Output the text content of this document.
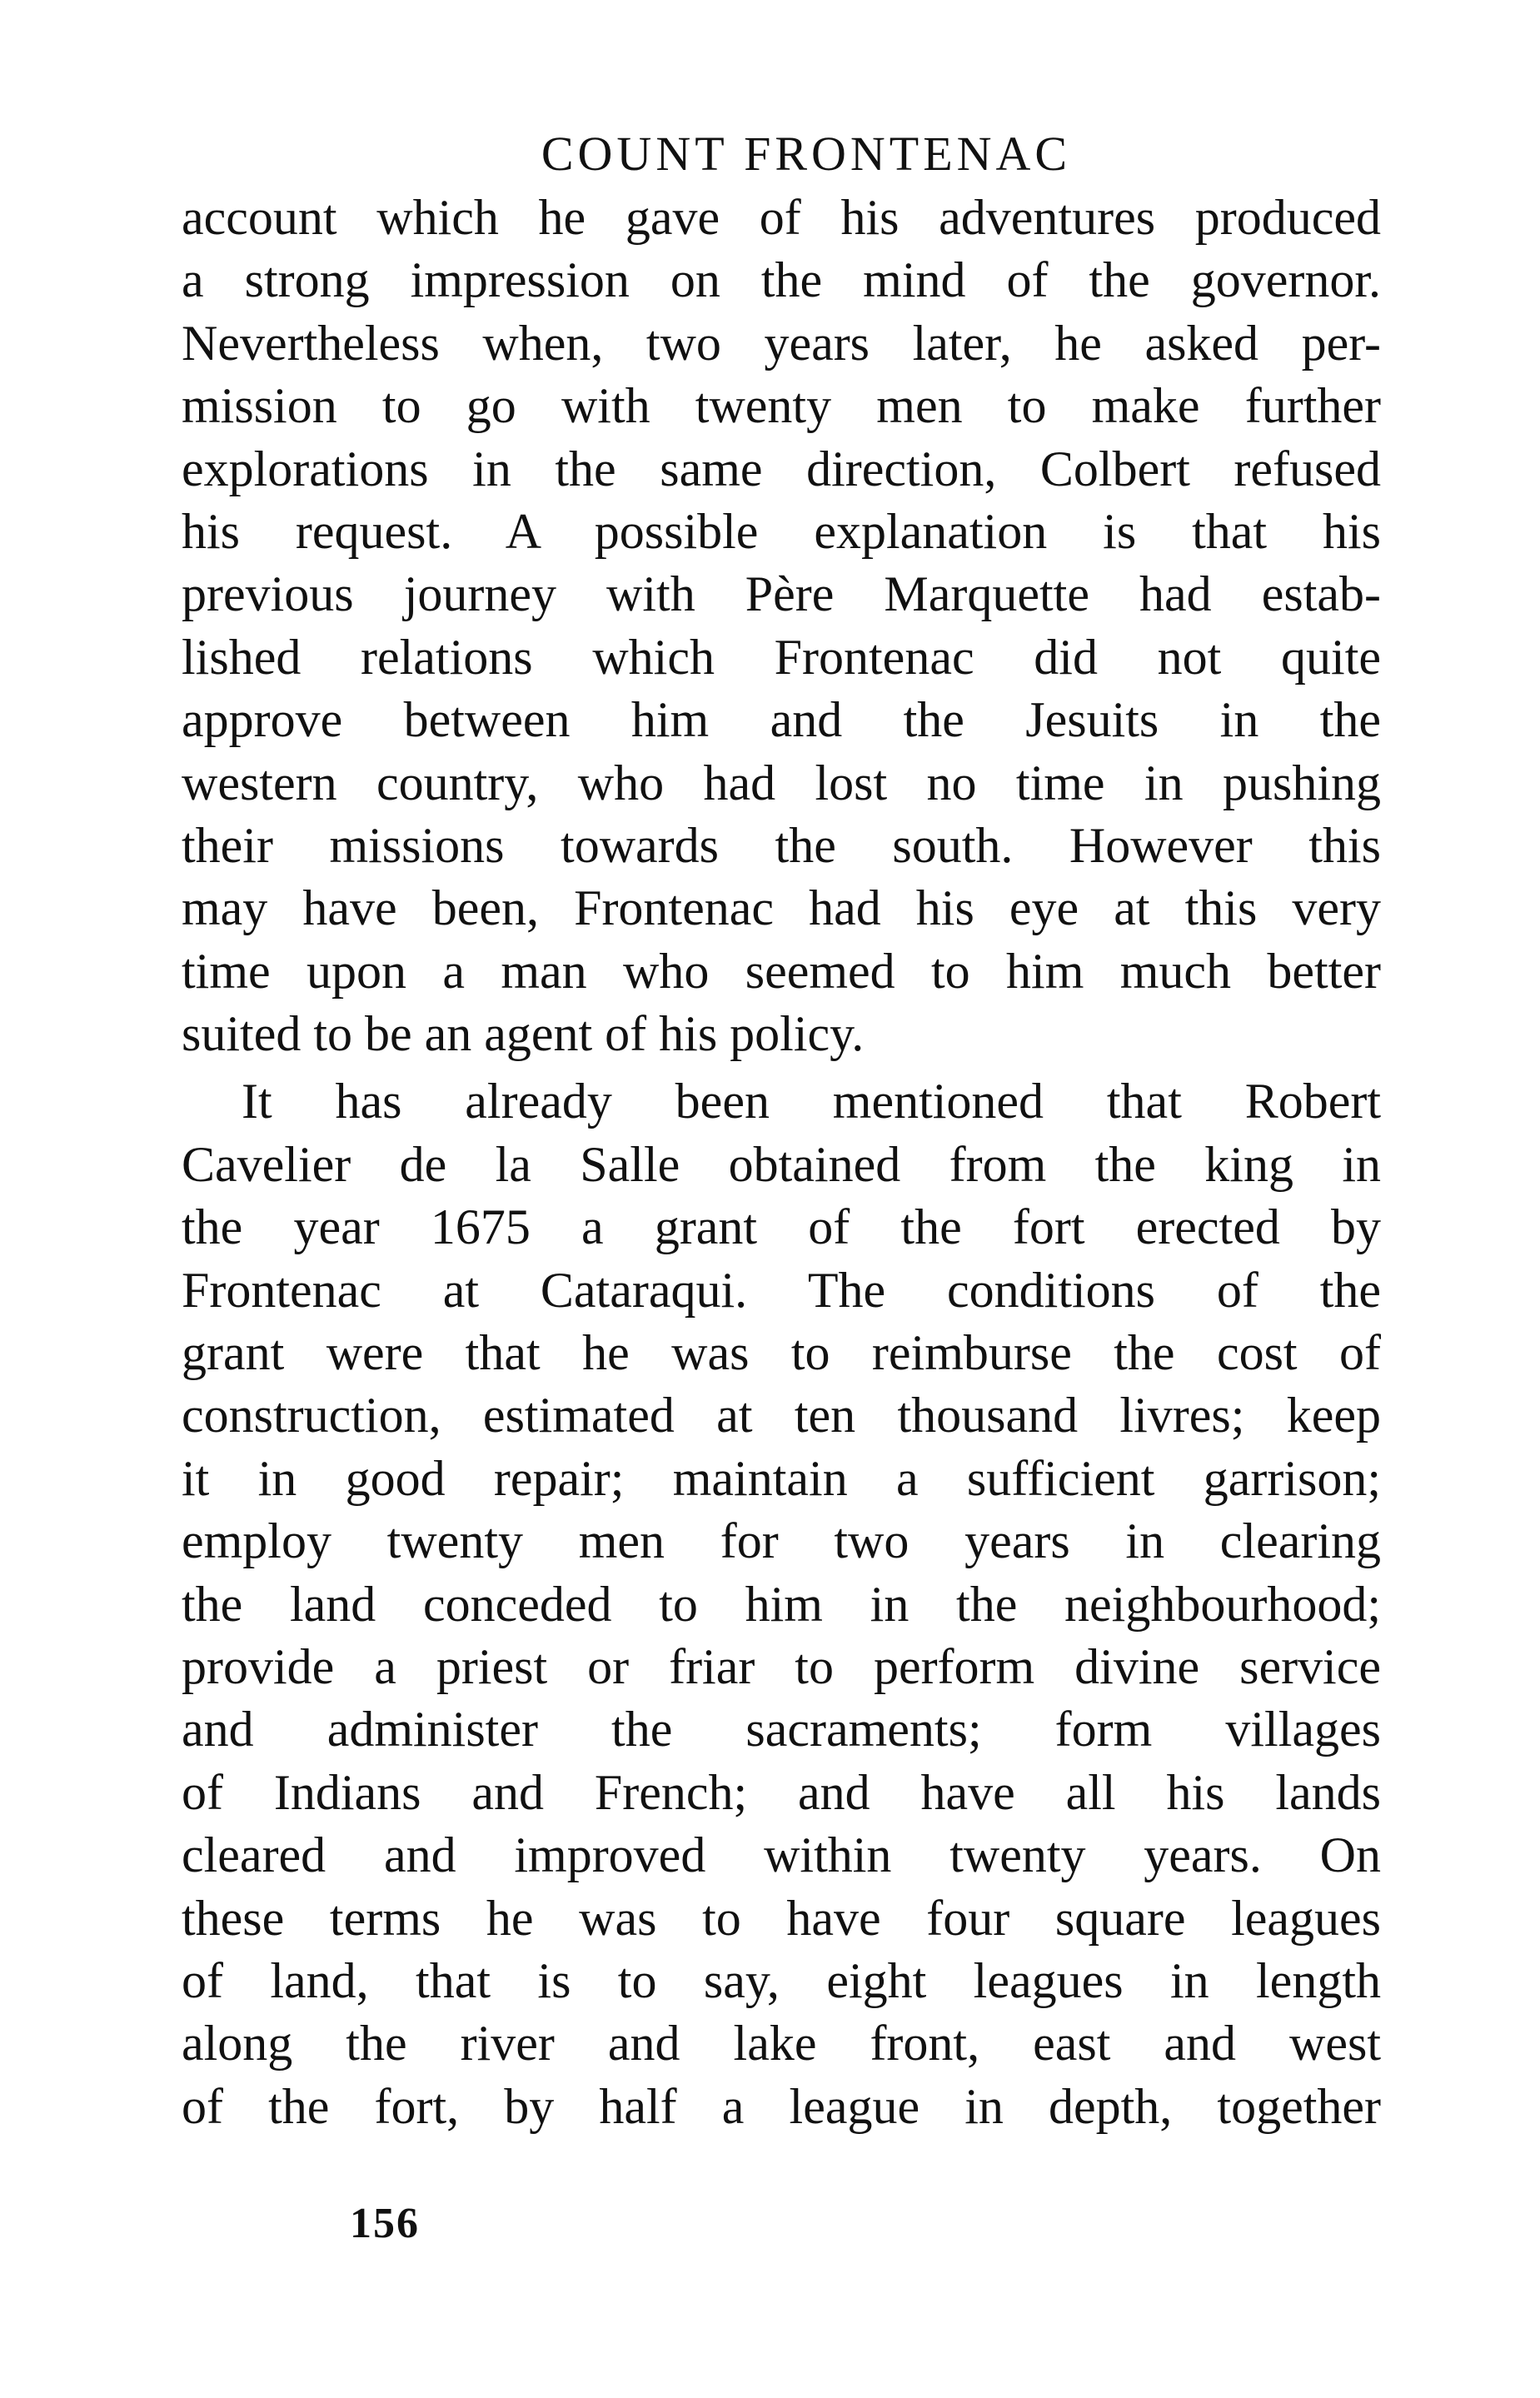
COUNT FRONTENAC
account which he gave of his adventures produced
a strong impression on the mind of the governor.
Nevertheless when, two years later, he asked per-
mission to go with twenty men to make further
explorations in the same direction, Colbert refused
his request. A possible explanation is that his
previous journey with Père Marquette had estab-
lished relations which Frontenac did not quite
approve between him and the Jesuits in the
western country, who had lost no time in pushing
their missions towards the south. However this
may have been, Frontenac had his eye at this very
time upon a man who seemed to him much better
suited to be an agent of his policy.
It has already been mentioned that Robert
Cavelier de la Salle obtained from the king in
the year 1675 a grant of the fort erected by
Frontenac at Cataraqui. The conditions of the
grant were that he was to reimburse the cost of
construction, estimated at ten thousand livres; keep
it in good repair; maintain a sufficient garrison;
employ twenty men for two years in clearing
the land conceded to him in the neighbourhood;
provide a priest or friar to perform divine service
and administer the sacraments; form villages
of Indians and French; and have all his lands
cleared and improved within twenty years. On
these terms he was to have four square leagues
of land, that is to say, eight leagues in length
along the river and lake front, east and west
of the fort, by half a league in depth, together
156
